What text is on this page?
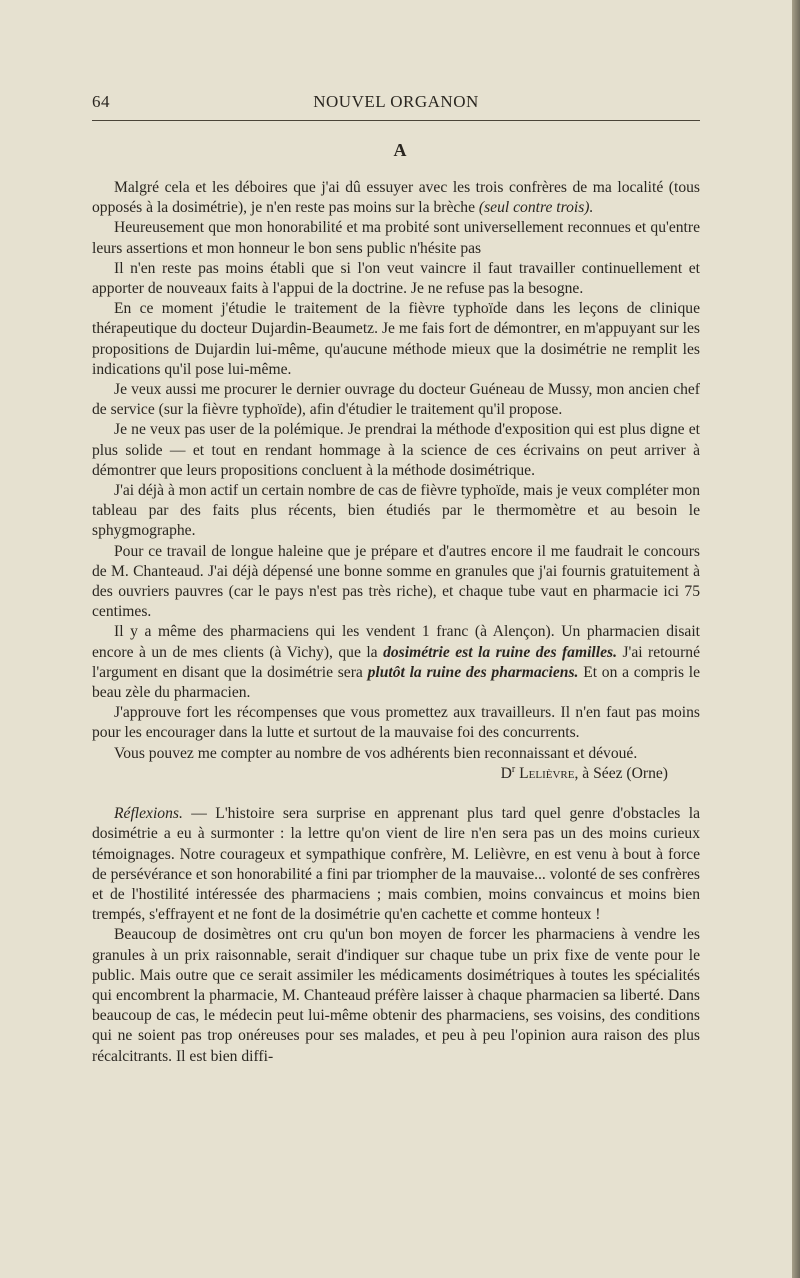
64	NOUVEL ORGANON
A

Malgré cela et les déboires que j'ai dû essuyer avec les trois confrères de ma localité (tous opposés à la dosimétrie), je n'en reste pas moins sur la brèche (seul contre trois).

Heureusement que mon honorabilité et ma probité sont universellement reconnues et qu'entre leurs assertions et mon honneur le bon sens public n'hésite pas

Il n'en reste pas moins établi que si l'on veut vaincre il faut travailler continuellement et apporter de nouveaux faits à l'appui de la doctrine. Je ne refuse pas la besogne.

En ce moment j'étudie le traitement de la fièvre typhoïde dans les leçons de clinique thérapeutique du docteur Dujardin-Beaumetz. Je me fais fort de démontrer, en m'appuyant sur les propositions de Dujardin lui-même, qu'aucune méthode mieux que la dosimétrie ne remplit les indications qu'il pose lui-même.

Je veux aussi me procurer le dernier ouvrage du docteur Guéneau de Mussy, mon ancien chef de service (sur la fièvre typhoïde), afin d'étudier le traitement qu'il propose.

Je ne veux pas user de la polémique. Je prendrai la méthode d'exposition qui est plus digne et plus solide — et tout en rendant hommage à la science de ces écrivains on peut arriver à démontrer que leurs propositions concluent à la méthode dosimétrique.

J'ai déjà à mon actif un certain nombre de cas de fièvre typhoïde, mais je veux compléter mon tableau par des faits plus récents, bien étudiés par le thermomètre et au besoin le sphygmographe.

Pour ce travail de longue haleine que je prépare et d'autres encore il me faudrait le concours de M. Chanteaud. J'ai déjà dépensé une bonne somme en granules que j'ai fournis gratuitement à des ouvriers pauvres (car le pays n'est pas très riche), et chaque tube vaut en pharmacie ici 75 centimes.

Il y a même des pharmaciens qui les vendent 1 franc (à Alençon). Un pharmacien disait encore à un de mes clients (à Vichy), que la dosimétrie est la ruine des familles. J'ai retourné l'argument en disant que la dosimétrie sera plutôt la ruine des pharmaciens. Et on a compris le beau zèle du pharmacien.

J'approuve fort les récompenses que vous promettez aux travailleurs. Il n'en faut pas moins pour les encourager dans la lutte et surtout de la mauvaise foi des concurrents.

Vous pouvez me compter au nombre de vos adhérents bien reconnaissant et dévoué.

$D^r$ Lelièvre, à Séez (Orne)

Réflexions. — L'histoire sera surprise en apprenant plus tard quel genre d'obstacles la dosimétrie a eu à surmonter : la lettre qu'on vient de lire n'en sera pas un des moins curieux témoignages. Notre courageux et sympathique confrère, M. Lelièvre, en est venu à bout à force de persévérance et son honorabilité a fini par triompher de la mauvaise... volonté de ses confrères et de l'hostilité intéressée des pharmaciens ; mais combien, moins convaincus et moins bien trempés, s'effrayent et ne font de la dosimétrie qu'en cachette et comme honteux !

Beaucoup de dosimètres ont cru qu'un bon moyen de forcer les pharmaciens à vendre les granules à un prix raisonnable, serait d'indiquer sur chaque tube un prix fixe de vente pour le public. Mais outre que ce serait assimiler les médicaments dosimétriques à toutes les spécialités qui encombrent la pharmacie, M. Chanteaud préfère laisser à chaque pharmacien sa liberté. Dans beaucoup de cas, le médecin peut lui-même obtenir des pharmaciens, ses voisins, des conditions qui ne soient pas trop onéreuses pour ses malades, et peu à peu l'opinion aura raison des plus récalcitrants. Il est bien diffi-
